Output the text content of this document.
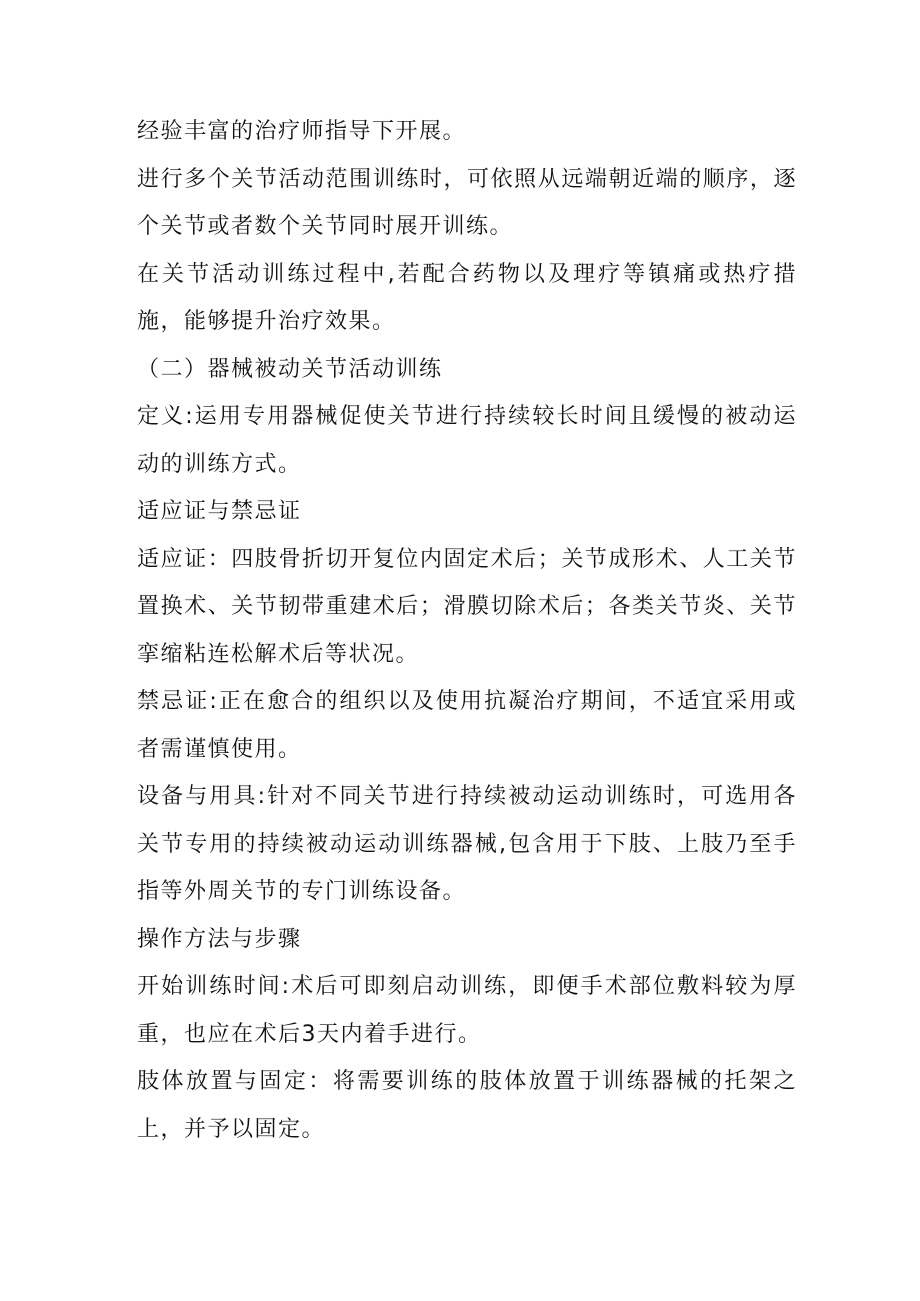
经验丰富的治疗师指导下开展。

进行多个关节活动范围训练时，可依照从远端朝近端的顺序，逐个关节或者数个关节同时展开训练。

在关节活动训练过程中,若配合药物以及理疗等镇痛或热疗措施，能够提升治疗效果。

（二）器械被动关节活动训练

定义:运用专用器械促使关节进行持续较长时间且缓慢的被动运动的训练方式。

适应证与禁忌证

适应证：四肢骨折切开复位内固定术后；关节成形术、人工关节置换术、关节韧带重建术后；滑膜切除术后；各类关节炎、关节挛缩粘连松解术后等状况。

禁忌证:正在愈合的组织以及使用抗凝治疗期间，不适宜采用或者需谨慎使用。

设备与用具:针对不同关节进行持续被动运动训练时，可选用各关节专用的持续被动运动训练器械,包含用于下肢、上肢乃至手指等外周关节的专门训练设备。

操作方法与步骤

开始训练时间:术后可即刻启动训练，即便手术部位敷料较为厚重，也应在术后3天内着手进行。

肢体放置与固定：将需要训练的肢体放置于训练器械的托架之上，并予以固定。
